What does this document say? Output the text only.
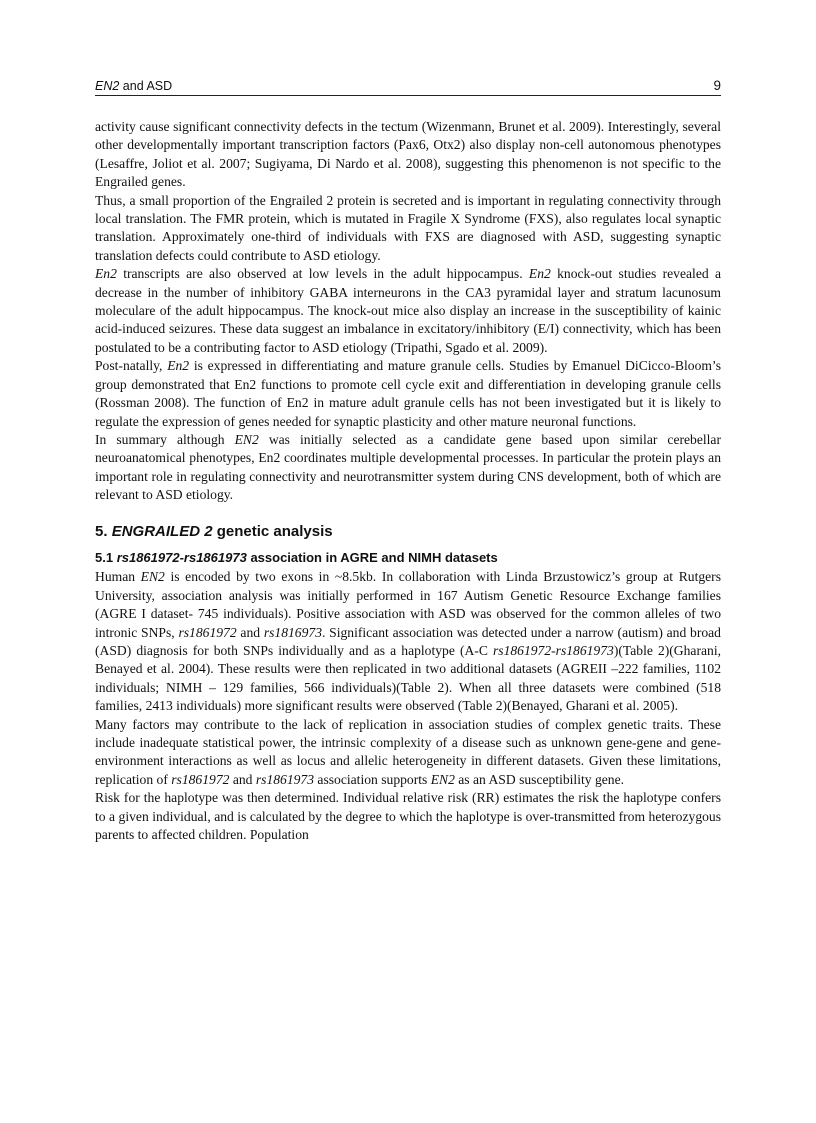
EN2 and ASD	9

activity cause significant connectivity defects in the tectum (Wizenmann, Brunet et al. 2009). Interestingly, several other developmentally important transcription factors (Pax6, Otx2) also display non-cell autonomous phenotypes (Lesaffre, Joliot et al. 2007; Sugiyama, Di Nardo et al. 2008), suggesting this phenomenon is not specific to the Engrailed genes.

Thus, a small proportion of the Engrailed 2 protein is secreted and is important in regulating connectivity through local translation. The FMR protein, which is mutated in Fragile X Syndrome (FXS), also regulates local synaptic translation. Approximately one-third of individuals with FXS are diagnosed with ASD, suggesting synaptic translation defects could contribute to ASD etiology.

En2 transcripts are also observed at low levels in the adult hippocampus. En2 knock-out studies revealed a decrease in the number of inhibitory GABA interneurons in the CA3 pyramidal layer and stratum lacunosum moleculare of the adult hippocampus. The knock-out mice also display an increase in the susceptibility of kainic acid-induced seizures. These data suggest an imbalance in excitatory/inhibitory (E/I) connectivity, which has been postulated to be a contributing factor to ASD etiology (Tripathi, Sgado et al. 2009).

Post-natally, En2 is expressed in differentiating and mature granule cells. Studies by Emanuel DiCicco-Bloom’s group demonstrated that En2 functions to promote cell cycle exit and differentiation in developing granule cells (Rossman 2008). The function of En2 in mature adult granule cells has not been investigated but it is likely to regulate the expression of genes needed for synaptic plasticity and other mature neuronal functions.

In summary although EN2 was initially selected as a candidate gene based upon similar cerebellar neuroanatomical phenotypes, En2 coordinates multiple developmental processes. In particular the protein plays an important role in regulating connectivity and neurotransmitter system during CNS development, both of which are relevant to ASD etiology.

5. ENGRAILED 2 genetic analysis
5.1 rs1861972-rs1861973 association in AGRE and NIMH datasets

Human EN2 is encoded by two exons in ~8.5kb. In collaboration with Linda Brzustowicz’s group at Rutgers University, association analysis was initially performed in 167 Autism Genetic Resource Exchange families (AGRE I dataset- 745 individuals). Positive association with ASD was observed for the common alleles of two intronic SNPs, rs1861972 and rs1816973. Significant association was detected under a narrow (autism) and broad (ASD) diagnosis for both SNPs individually and as a haplotype (A-C rs1861972-rs1861973)(Table 2)(Gharani, Benayed et al. 2004). These results were then replicated in two additional datasets (AGREII –222 families, 1102 individuals; NIMH – 129 families, 566 individuals)(Table 2). When all three datasets were combined (518 families, 2413 individuals) more significant results were observed (Table 2)(Benayed, Gharani et al. 2005).

Many factors may contribute to the lack of replication in association studies of complex genetic traits. These include inadequate statistical power, the intrinsic complexity of a disease such as unknown gene-gene and gene-environment interactions as well as locus and allelic heterogeneity in different datasets. Given these limitations, replication of rs1861972 and rs1861973 association supports EN2 as an ASD susceptibility gene.

Risk for the haplotype was then determined. Individual relative risk (RR) estimates the risk the haplotype confers to a given individual, and is calculated by the degree to which the haplotype is over-transmitted from heterozygous parents to affected children. Population
